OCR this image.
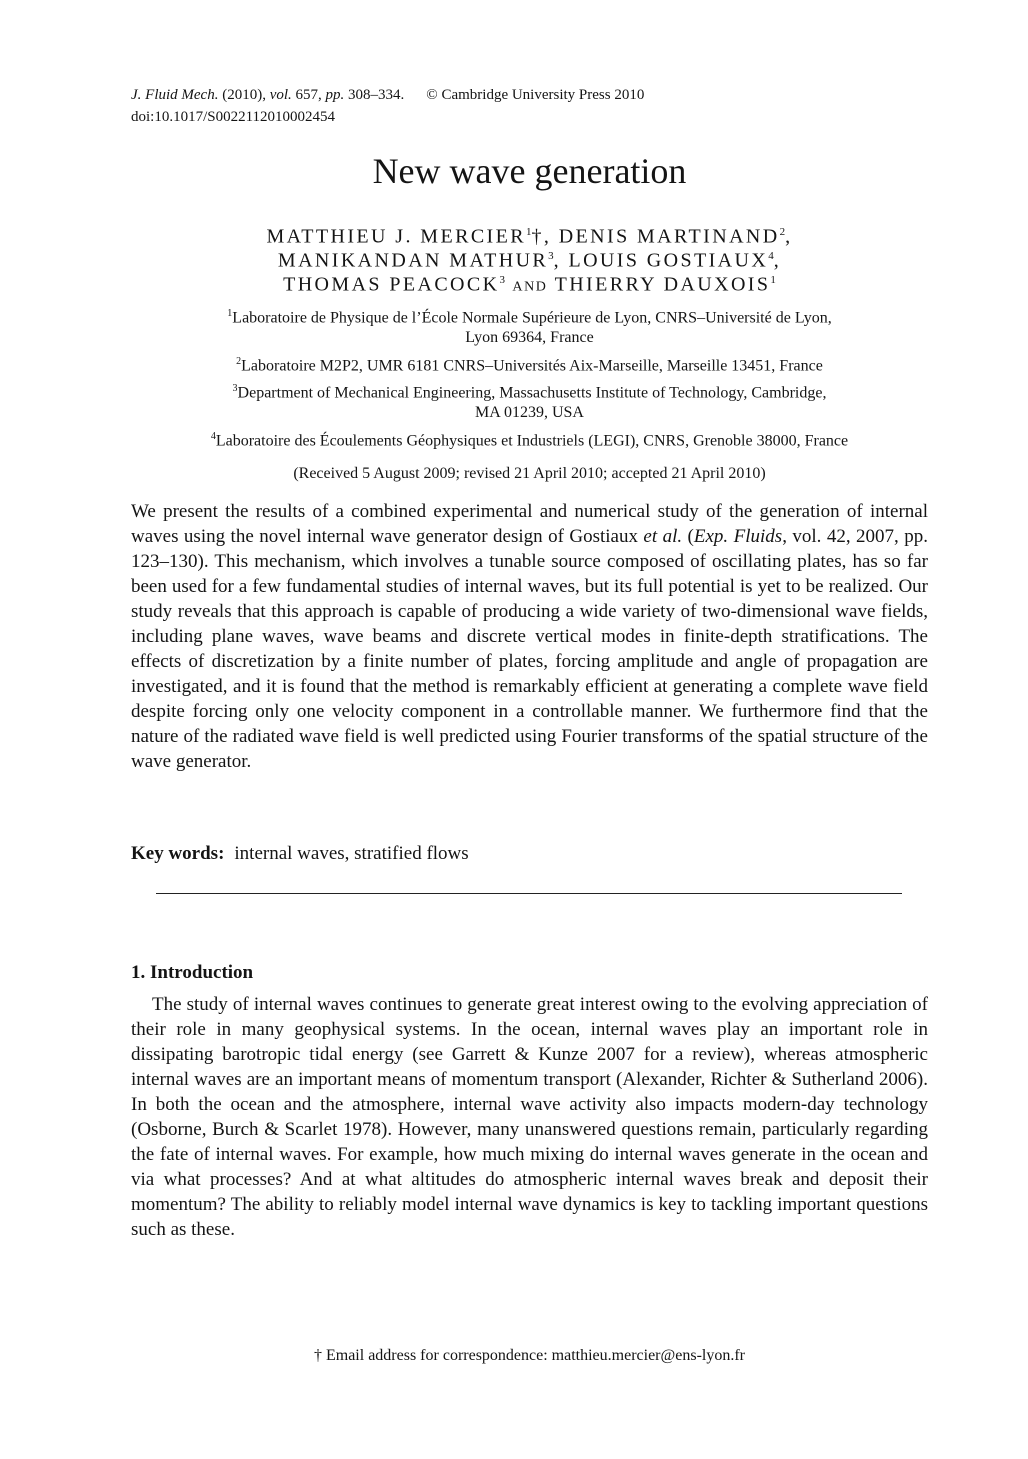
J. Fluid Mech. (2010), vol. 657, pp. 308–334. © Cambridge University Press 2010
doi:10.1017/S0022112010002454
New wave generation
MATTHIEU J. MERCIER$^1$†, DENIS MARTINAND$^2$,
MANIKANDAN MATHUR$^3$, LOUIS GOSTIAUX$^4$,
THOMAS PEACOCK$^3$ AND THIERRY DAUXOIS$^1$
$^1$Laboratoire de Physique de l’École Normale Supérieure de Lyon, CNRS–Université de Lyon,
Lyon 69364, France
$^2$Laboratoire M2P2, UMR 6181 CNRS–Universités Aix-Marseille, Marseille 13451, France
$^3$Department of Mechanical Engineering, Massachusetts Institute of Technology, Cambridge,
MA 01239, USA
$^4$Laboratoire des Écoulements Géophysiques et Industriels (LEGI), CNRS, Grenoble 38000, France
(Received 5 August 2009; revised 21 April 2010; accepted 21 April 2010)
We present the results of a combined experimental and numerical study of the generation of internal waves using the novel internal wave generator design of Gostiaux et al. (Exp. Fluids, vol. 42, 2007, pp. 123–130). This mechanism, which involves a tunable source composed of oscillating plates, has so far been used for a few fundamental studies of internal waves, but its full potential is yet to be realized. Our study reveals that this approach is capable of producing a wide variety of two-dimensional wave fields, including plane waves, wave beams and discrete vertical modes in finite-depth stratifications. The effects of discretization by a finite number of plates, forcing amplitude and angle of propagation are investigated, and it is found that the method is remarkably efficient at generating a complete wave field despite forcing only one velocity component in a controllable manner. We furthermore find that the nature of the radiated wave field is well predicted using Fourier transforms of the spatial structure of the wave generator.
Key words: internal waves, stratified flows
1. Introduction
The study of internal waves continues to generate great interest owing to the evolving appreciation of their role in many geophysical systems. In the ocean, internal waves play an important role in dissipating barotropic tidal energy (see Garrett & Kunze 2007 for a review), whereas atmospheric internal waves are an important means of momentum transport (Alexander, Richter & Sutherland 2006). In both the ocean and the atmosphere, internal wave activity also impacts modern-day technology (Osborne, Burch & Scarlet 1978). However, many unanswered questions remain, particularly regarding the fate of internal waves. For example, how much mixing do internal waves generate in the ocean and via what processes? And at what altitudes do atmospheric internal waves break and deposit their momentum? The ability to reliably model internal wave dynamics is key to tackling important questions such as these.
† Email address for correspondence: matthieu.mercier@ens-lyon.fr
